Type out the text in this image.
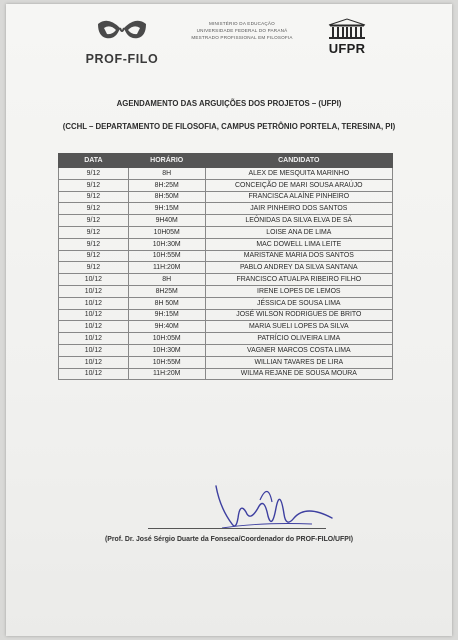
PROF-FILO
MINISTÉRIO DA EDUCAÇÃO
UNIVERSIDADE FEDERAL DO PARANÁ
MESTRADO PROFISSIONAL EM FILOSOFIA
UFPR
AGENDAMENTO DAS ARGUIÇÕES DOS PROJETOS – (UFPI)
(CCHL – DEPARTAMENTO DE FILOSOFIA, CAMPUS PETRÔNIO PORTELA, TERESINA, PI)
DATA	HORÁRIO	CANDIDATO
9/12	8H	ALEX DE MESQUITA MARINHO
9/12	8H:25M	CONCEIÇÃO DE MARI SOUSA ARAÚJO
9/12	8H:50M	FRANCISCA ALAÍNE PINHEIRO
9/12	9H:15M	JAIR PINHEIRO DOS SANTOS
9/12	9H40M	LEÔNIDAS DA SILVA ELVA DE SÁ
9/12	10H05M	LOISE ANA DE LIMA
9/12	10H:30M	MAC DOWELL LIMA LEITE
9/12	10H:55M	MARISTANE MARIA DOS SANTOS
9/12	11H:20M	PABLO ANDREY DA SILVA SANTANA
10/12	8H	FRANCISCO ATUALPA RIBEIRO FILHO
10/12	8H25M	IRENE LOPES DE LEMOS
10/12	8H 50M	JÉSSICA DE SOUSA LIMA
10/12	9H:15M	JOSÉ WILSON RODRIGUES DE BRITO
10/12	9H:40M	MARIA SUELI LOPES DA SILVA
10/12	10H:05M	PATRÍCIO OLIVEIRA LIMA
10/12	10H:30M	VAGNER MARCOS COSTA LIMA
10/12	10H:55M	WILLIAN TAVARES DE LIRA
10/12	11H:20M	WILMA REJANE DE SOUSA MOURA
(Prof. Dr. José Sérgio Duarte da Fonseca/Coordenador do PROF-FILO/UFPI)
